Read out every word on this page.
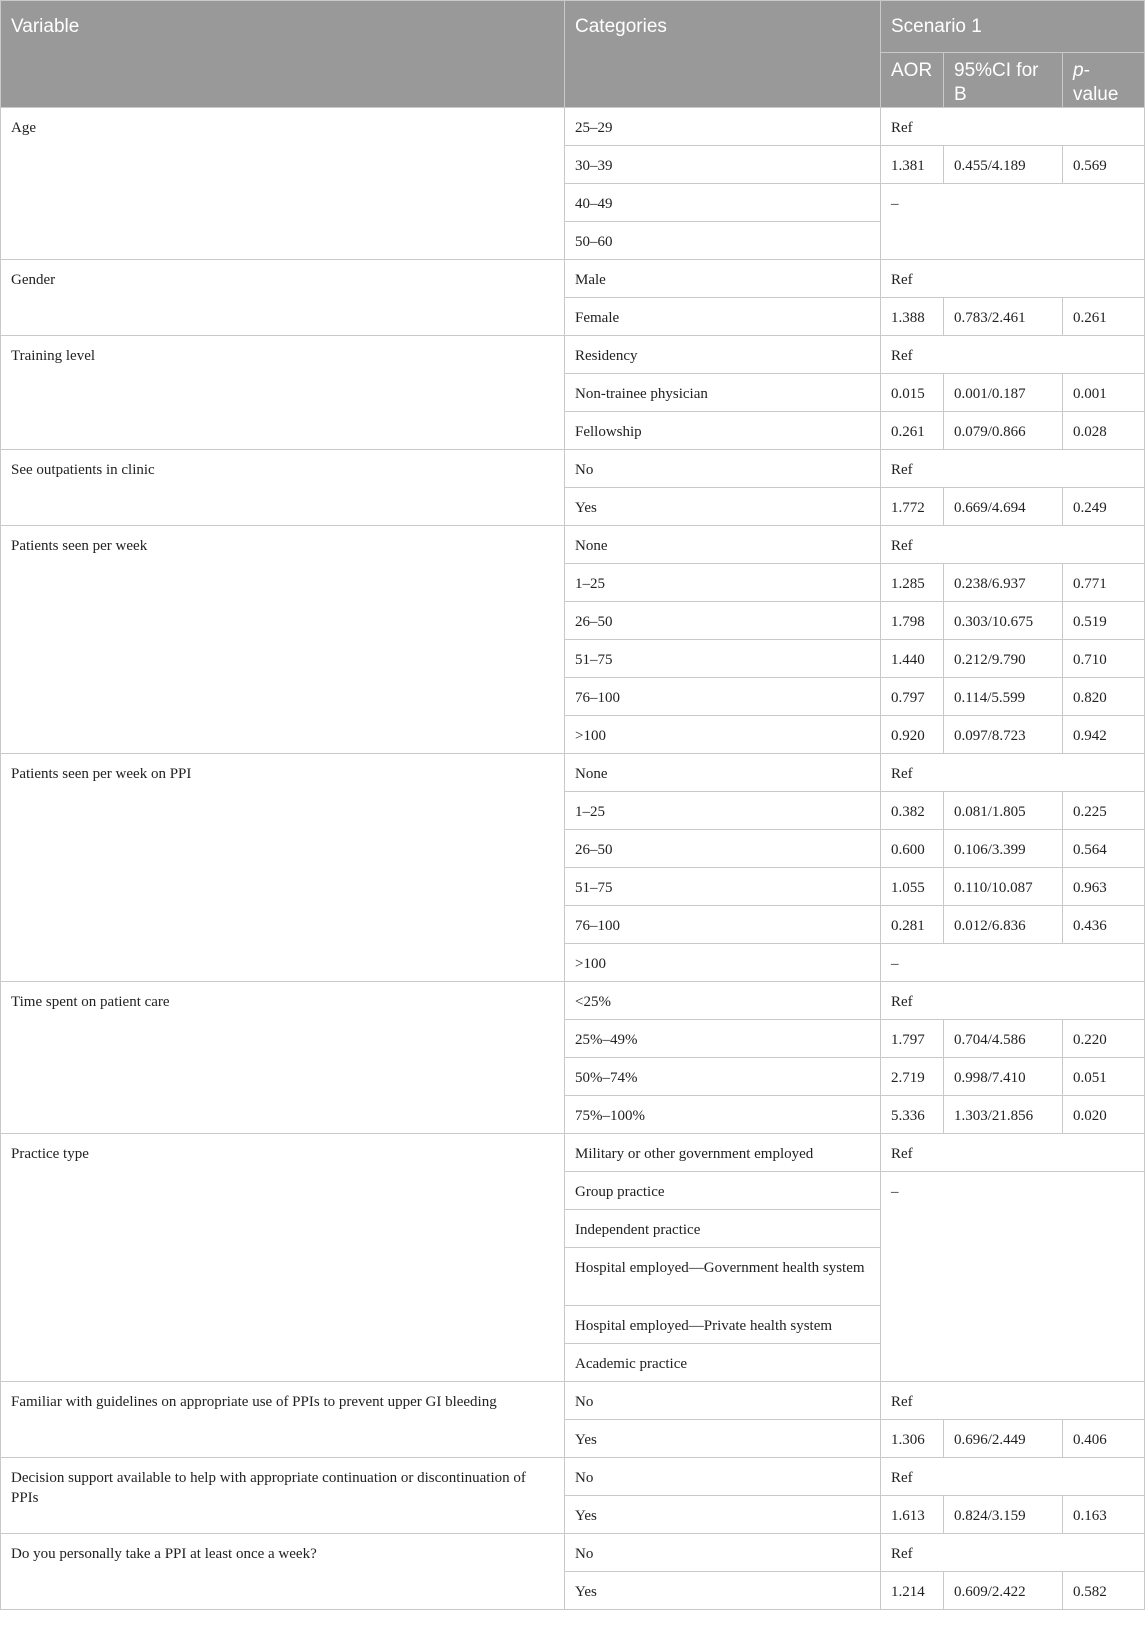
Variable	Categories	Scenario 1		
		AOR	95%CI for B	p-value
Age	25–29	Ref		
	30–39	1.381	0.455/4.189	0.569
	40–49	–		
	50–60			
Gender	Male	Ref		
	Female	1.388	0.783/2.461	0.261
Training level	Residency	Ref		
	Non-trainee physician	0.015	0.001/0.187	0.001
	Fellowship	0.261	0.079/0.866	0.028
See outpatients in clinic	No	Ref		
	Yes	1.772	0.669/4.694	0.249
Patients seen per week	None	Ref		
	1–25	1.285	0.238/6.937	0.771
	26–50	1.798	0.303/10.675	0.519
	51–75	1.440	0.212/9.790	0.710
	76–100	0.797	0.114/5.599	0.820
	>100	0.920	0.097/8.723	0.942
Patients seen per week on PPI	None	Ref		
	1–25	0.382	0.081/1.805	0.225
	26–50	0.600	0.106/3.399	0.564
	51–75	1.055	0.110/10.087	0.963
	76–100	0.281	0.012/6.836	0.436
	>100	–		
Time spent on patient care	<25%	Ref		
	25%–49%	1.797	0.704/4.586	0.220
	50%–74%	2.719	0.998/7.410	0.051
	75%–100%	5.336	1.303/21.856	0.020
Practice type	Military or other government employed	Ref		
	Group practice	–		
	Independent practice			
	Hospital employed—Government health system			
	Hospital employed—Private health system			
	Academic practice			
Familiar with guidelines on appropriate use of PPIs to prevent upper GI bleeding	No	Ref		
	Yes	1.306	0.696/2.449	0.406
Decision support available to help with appropriate continuation or discontinuation of PPIs	No	Ref		
	Yes	1.613	0.824/3.159	0.163
Do you personally take a PPI at least once a week?	No	Ref		
	Yes	1.214	0.609/2.422	0.582
